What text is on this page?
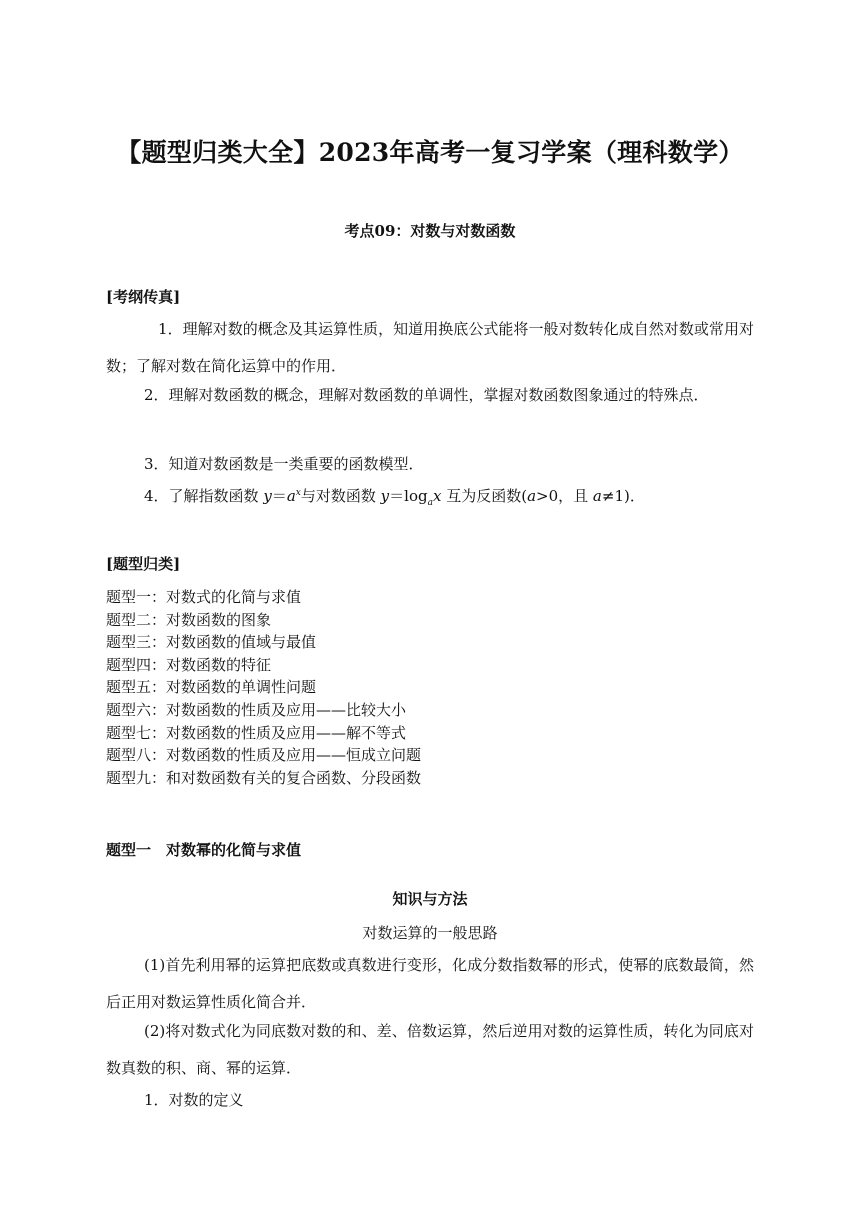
【题型归类大全】2023年高考一复习学案（理科数学）

考点09：对数与对数函数

[考纲传真]

1．理解对数的概念及其运算性质，知道用换底公式能将一般对数转化成自然对数或常用对数；了解对数在简化运算中的作用．

2．理解对数函数的概念，理解对数函数的单调性，掌握对数函数图象通过的特殊点．

3．知道对数函数是一类重要的函数模型．

4．了解指数函数 $y=a^x$与对数函数 $y=\log_ax$ 互为反函数(a>0，且 a≠1)．

[题型归类]

题型一：对数式的化简与求值
题型二：对数函数的图象
题型三：对数函数的值域与最值
题型四：对数函数的特征
题型五：对数函数的单调性问题
题型六：对数函数的性质及应用——比较大小
题型七：对数函数的性质及应用——解不等式
题型八：对数函数的性质及应用——恒成立问题
题型九：和对数函数有关的复合函数、分段函数

题型一　对数幂的化简与求值

知识与方法

对数运算的一般思路

(1)首先利用幂的运算把底数或真数进行变形，化成分数指数幂的形式，使幂的底数最简，然后正用对数运算性质化简合并．

(2)将对数式化为同底数对数的和、差、倍数运算，然后逆用对数的运算性质，转化为同底对数真数的积、商、幂的运算．

1．对数的定义
